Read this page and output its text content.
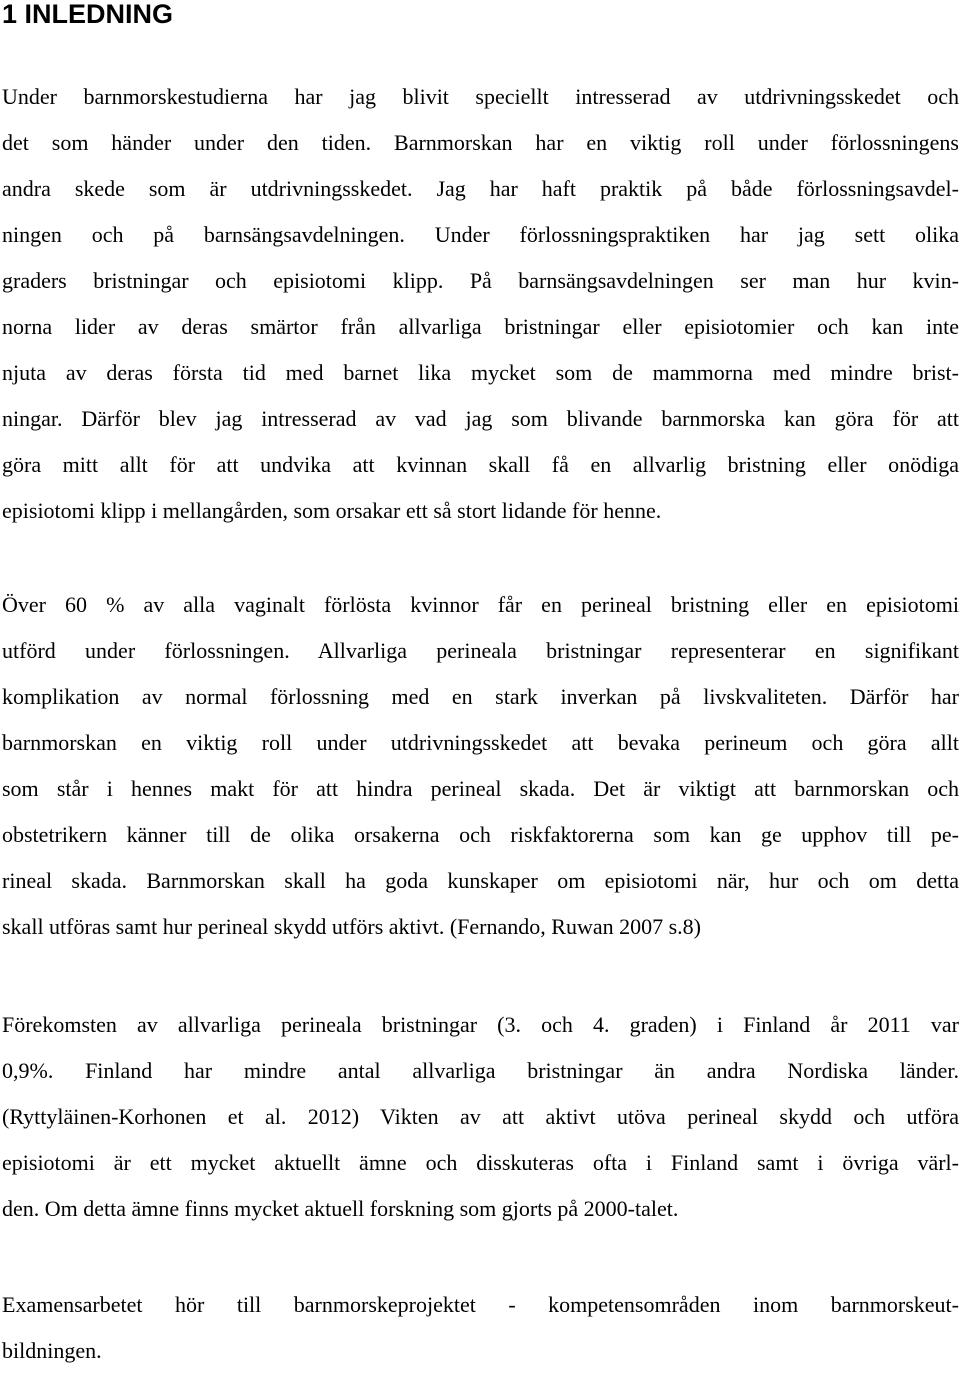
1 INLEDNING
Under barnmorskestudierna har jag blivit speciellt intresserad av utdrivningsskedet och
det som händer under den tiden. Barnmorskan har en viktig roll under förlossningens
andra skede som är utdrivningsskedet. Jag har haft praktik på både förlossningsavdel-
ningen och på barnsängsavdelningen. Under förlossningspraktiken har jag sett olika
graders bristningar och episiotomi klipp. På barnsängsavdelningen ser man hur kvin-
norna lider av deras smärtor från allvarliga bristningar eller episiotomier och kan inte
njuta av deras första tid med barnet lika mycket som de mammorna med mindre brist-
ningar. Därför blev jag intresserad av vad jag som blivande barnmorska kan göra för att
göra mitt allt för att undvika att kvinnan skall få en allvarlig bristning eller onödiga
episiotomi klipp i mellangården, som orsakar ett så stort lidande för henne.
Över 60 % av alla vaginalt förlösta kvinnor får en perineal bristning eller en episiotomi
utförd under förlossningen. Allvarliga perineala bristningar representerar en signifikant
komplikation av normal förlossning med en stark inverkan på livskvaliteten. Därför har
barnmorskan en viktig roll under utdrivningsskedet att bevaka perineum och göra allt
som står i hennes makt för att hindra perineal skada. Det är viktigt att barnmorskan och
obstetrikern känner till de olika orsakerna och riskfaktorerna som kan ge upphov till pe-
rineal skada. Barnmorskan skall ha goda kunskaper om episiotomi när, hur och om detta
skall utföras samt hur perineal skydd utförs aktivt. (Fernando, Ruwan 2007 s.8)
Förekomsten av allvarliga perineala bristningar (3. och 4. graden) i Finland år 2011 var
0,9%. Finland har mindre antal allvarliga bristningar än andra Nordiska länder.
(Ryttyläinen-Korhonen et al. 2012) Vikten av att aktivt utöva perineal skydd och utföra
episiotomi är ett mycket aktuellt ämne och disskuteras ofta i Finland samt i övriga värl-
den. Om detta ämne finns mycket aktuell forskning som gjorts på 2000-talet.
Examensarbetet hör till barnmorskeprojektet - kompetensområden inom barnmorskeut-
bildningen.
